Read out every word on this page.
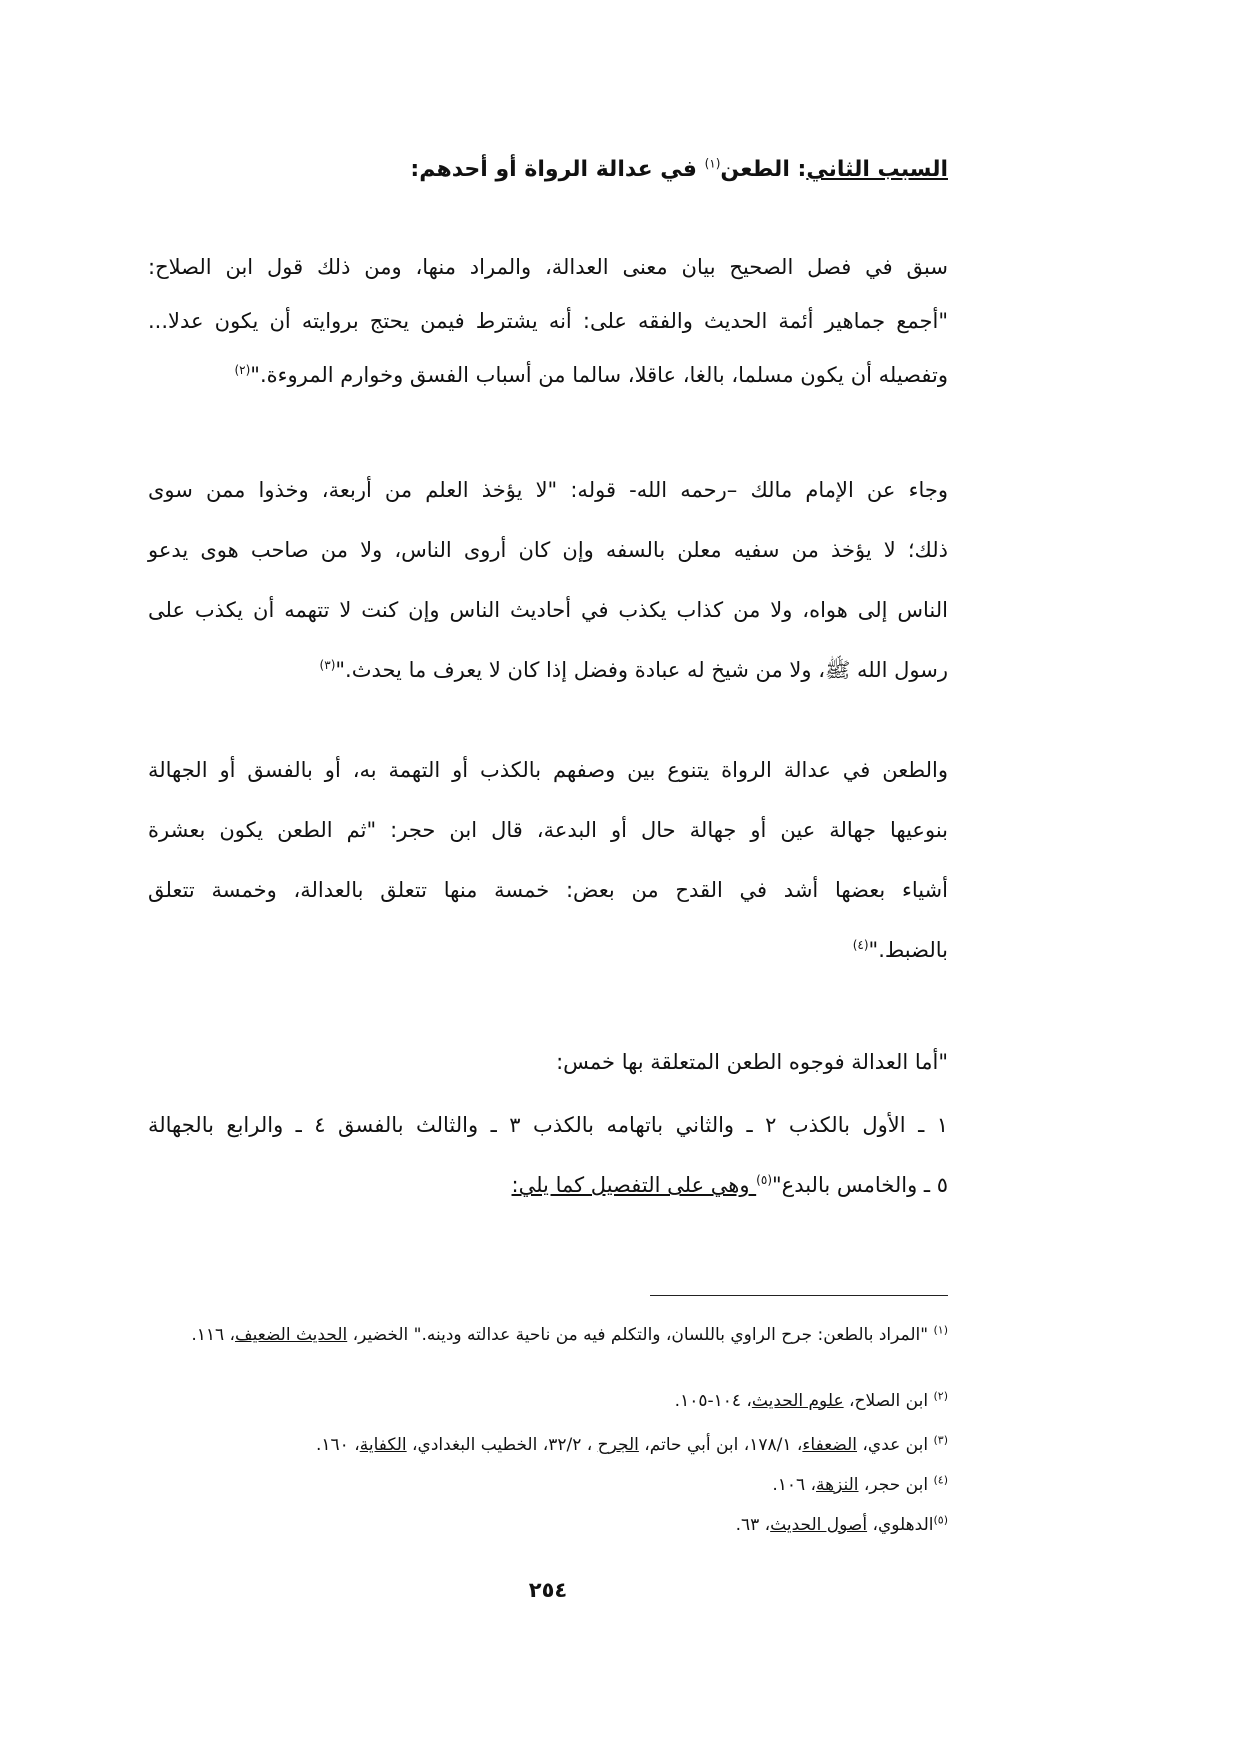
السبب الثاني: الطعن$^{(١)}$ في عدالة الرواة أو أحدهم:
سبق في فصل الصحيح بيان معنى العدالة، والمراد منها، ومن ذلك قول ابن الصلاح:
"أجمع جماهير أئمة الحديث والفقه على: أنه يشترط فيمن يحتج بروايته أن يكون عدلا...
وتفصيله أن يكون مسلما، بالغا، عاقلا، سالما من أسباب الفسق وخوارم المروءة."$^{(٢)}$
وجاء عن الإمام مالك –رحمه الله- قوله: "لا يؤخذ العلم من أربعة، وخذوا ممن سوى
ذلك؛ لا يؤخذ من سفيه معلن بالسفه وإن كان أروى الناس، ولا من صاحب هوى يدعو
الناس إلى هواه، ولا من كذاب يكذب في أحاديث الناس وإن كنت لا تتهمه أن يكذب على
رسول الله ﷺ، ولا من شيخ له عبادة وفضل إذا كان لا يعرف ما يحدث."$^{(٣)}$
والطعن في عدالة الرواة يتنوع بين وصفهم بالكذب أو التهمة به، أو بالفسق أو الجهالة
بنوعيها جهالة عين أو جهالة حال أو البدعة، قال ابن حجر: "ثم الطعن يكون بعشرة
أشياء بعضها أشد في القدح من بعض: خمسة منها تتعلق بالعدالة، وخمسة تتعلق
بالضبط."$^{(٤)}$
"أما العدالة فوجوه الطعن المتعلقة بها خمس:
١ ـ الأول بالكذب ٢ ـ والثاني باتهامه بالكذب ٣ ـ والثالث بالفسق ٤ ـ والرابع بالجهالة
٥ ـ والخامس بالبدع"$^{(٥)}$ وهي على التفصيل كما يلي:
$^{(١)}$ "المراد بالطعن: جرح الراوي باللسان، والتكلم فيه من ناحية عدالته ودينه." الخضير، الحديث الضعيف، ١١٦.
$^{(٢)}$ ابن الصلاح، علوم الحديث، ١٠٤-١٠٥.
$^{(٣)}$ ابن عدي، الضعفاء، ١٧٨/١، ابن أبي حاتم، الجرح ، ٣٢/٢، الخطيب البغدادي، الكفاية، ١٦٠.
$^{(٤)}$ ابن حجر، النزهة، ١٠٦.
$^{(٥)}$الدهلوي، أصول الحديث، ٦٣.
٢٥٤
